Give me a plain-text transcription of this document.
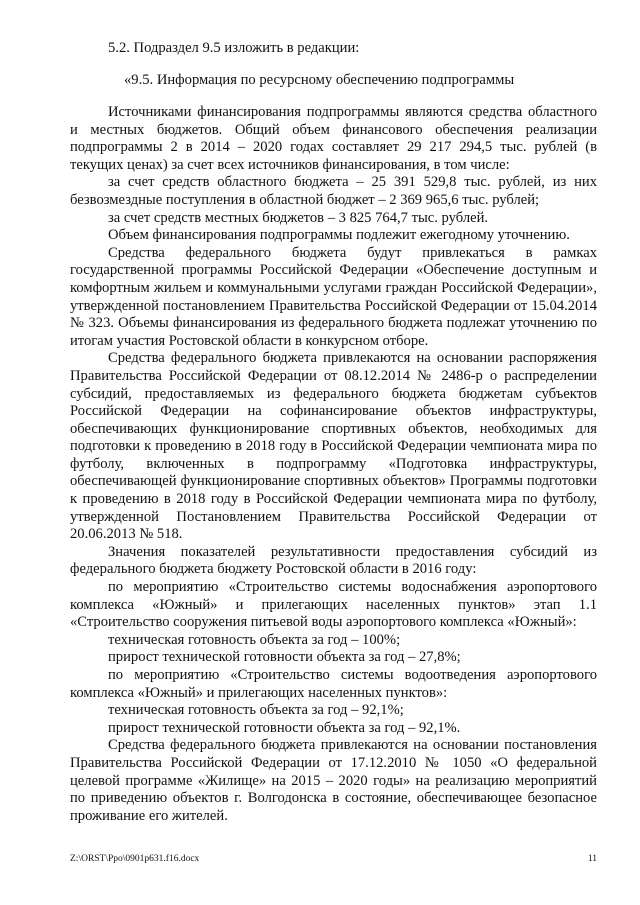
5.2. Подраздел 9.5 изложить в редакции:
«9.5. Информация по ресурсному обеспечению подпрограммы

Источниками финансирования подпрограммы являются средства областного и местных бюджетов. Общий объем финансового обеспечения реализации подпрограммы 2 в 2014 – 2020 годах составляет 29 217 294,5 тыс. рублей (в текущих ценах) за счет всех источников финансирования, в том числе:

за счет средств областного бюджета – 25 391 529,8 тыс. рублей, из них безвозмездные поступления в областной бюджет – 2 369 965,6 тыс. рублей;

за счет средств местных бюджетов – 3 825 764,7 тыс. рублей.

Объем финансирования подпрограммы подлежит ежегодному уточнению.

Средства федерального бюджета будут привлекаться в рамках государственной программы Российской Федерации «Обеспечение доступным и комфортным жильем и коммунальными услугами граждан Российской Федерации», утвержденной постановлением Правительства Российской Федерации от 15.04.2014 № 323. Объемы финансирования из федерального бюджета подлежат уточнению по итогам участия Ростовской области в конкурсном отборе.

Средства федерального бюджета привлекаются на основании распоряжения Правительства Российской Федерации от 08.12.2014 № 2486-р о распределении субсидий, предоставляемых из федерального бюджета бюджетам субъектов Российской Федерации на софинансирование объектов инфраструктуры, обеспечивающих функционирование спортивных объектов, необходимых для подготовки к проведению в 2018 году в Российской Федерации чемпионата мира по футболу, включенных в подпрограмму «Подготовка инфраструктуры, обеспечивающей функционирование спортивных объектов» Программы подготовки к проведению в 2018 году в Российской Федерации чемпионата мира по футболу, утвержденной Постановлением Правительства Российской Федерации от 20.06.2013 № 518.

Значения показателей результативности предоставления субсидий из федерального бюджета бюджету Ростовской области в 2016 году:

по мероприятию «Строительство системы водоснабжения аэропортового комплекса «Южный» и прилегающих населенных пунктов» этап 1.1 «Строительство сооружения питьевой воды аэропортового комплекса «Южный»:

техническая готовность объекта за год – 100%;

прирост технической готовности объекта за год – 27,8%;

по мероприятию «Строительство системы водоотведения аэропортового комплекса «Южный» и прилегающих населенных пунктов»:

техническая готовность объекта за год – 92,1%;

прирост технической готовности объекта за год – 92,1%.

Средства федерального бюджета привлекаются на основании постановления Правительства Российской Федерации от 17.12.2010 № 1050 «О федеральной целевой программе «Жилище» на 2015 – 2020 годы» на реализацию мероприятий по приведению объектов г. Волгодонска в состояние, обеспечивающее безопасное проживание его жителей.

Z:\ORST\Ppo\0901p631.f16.docx	11
